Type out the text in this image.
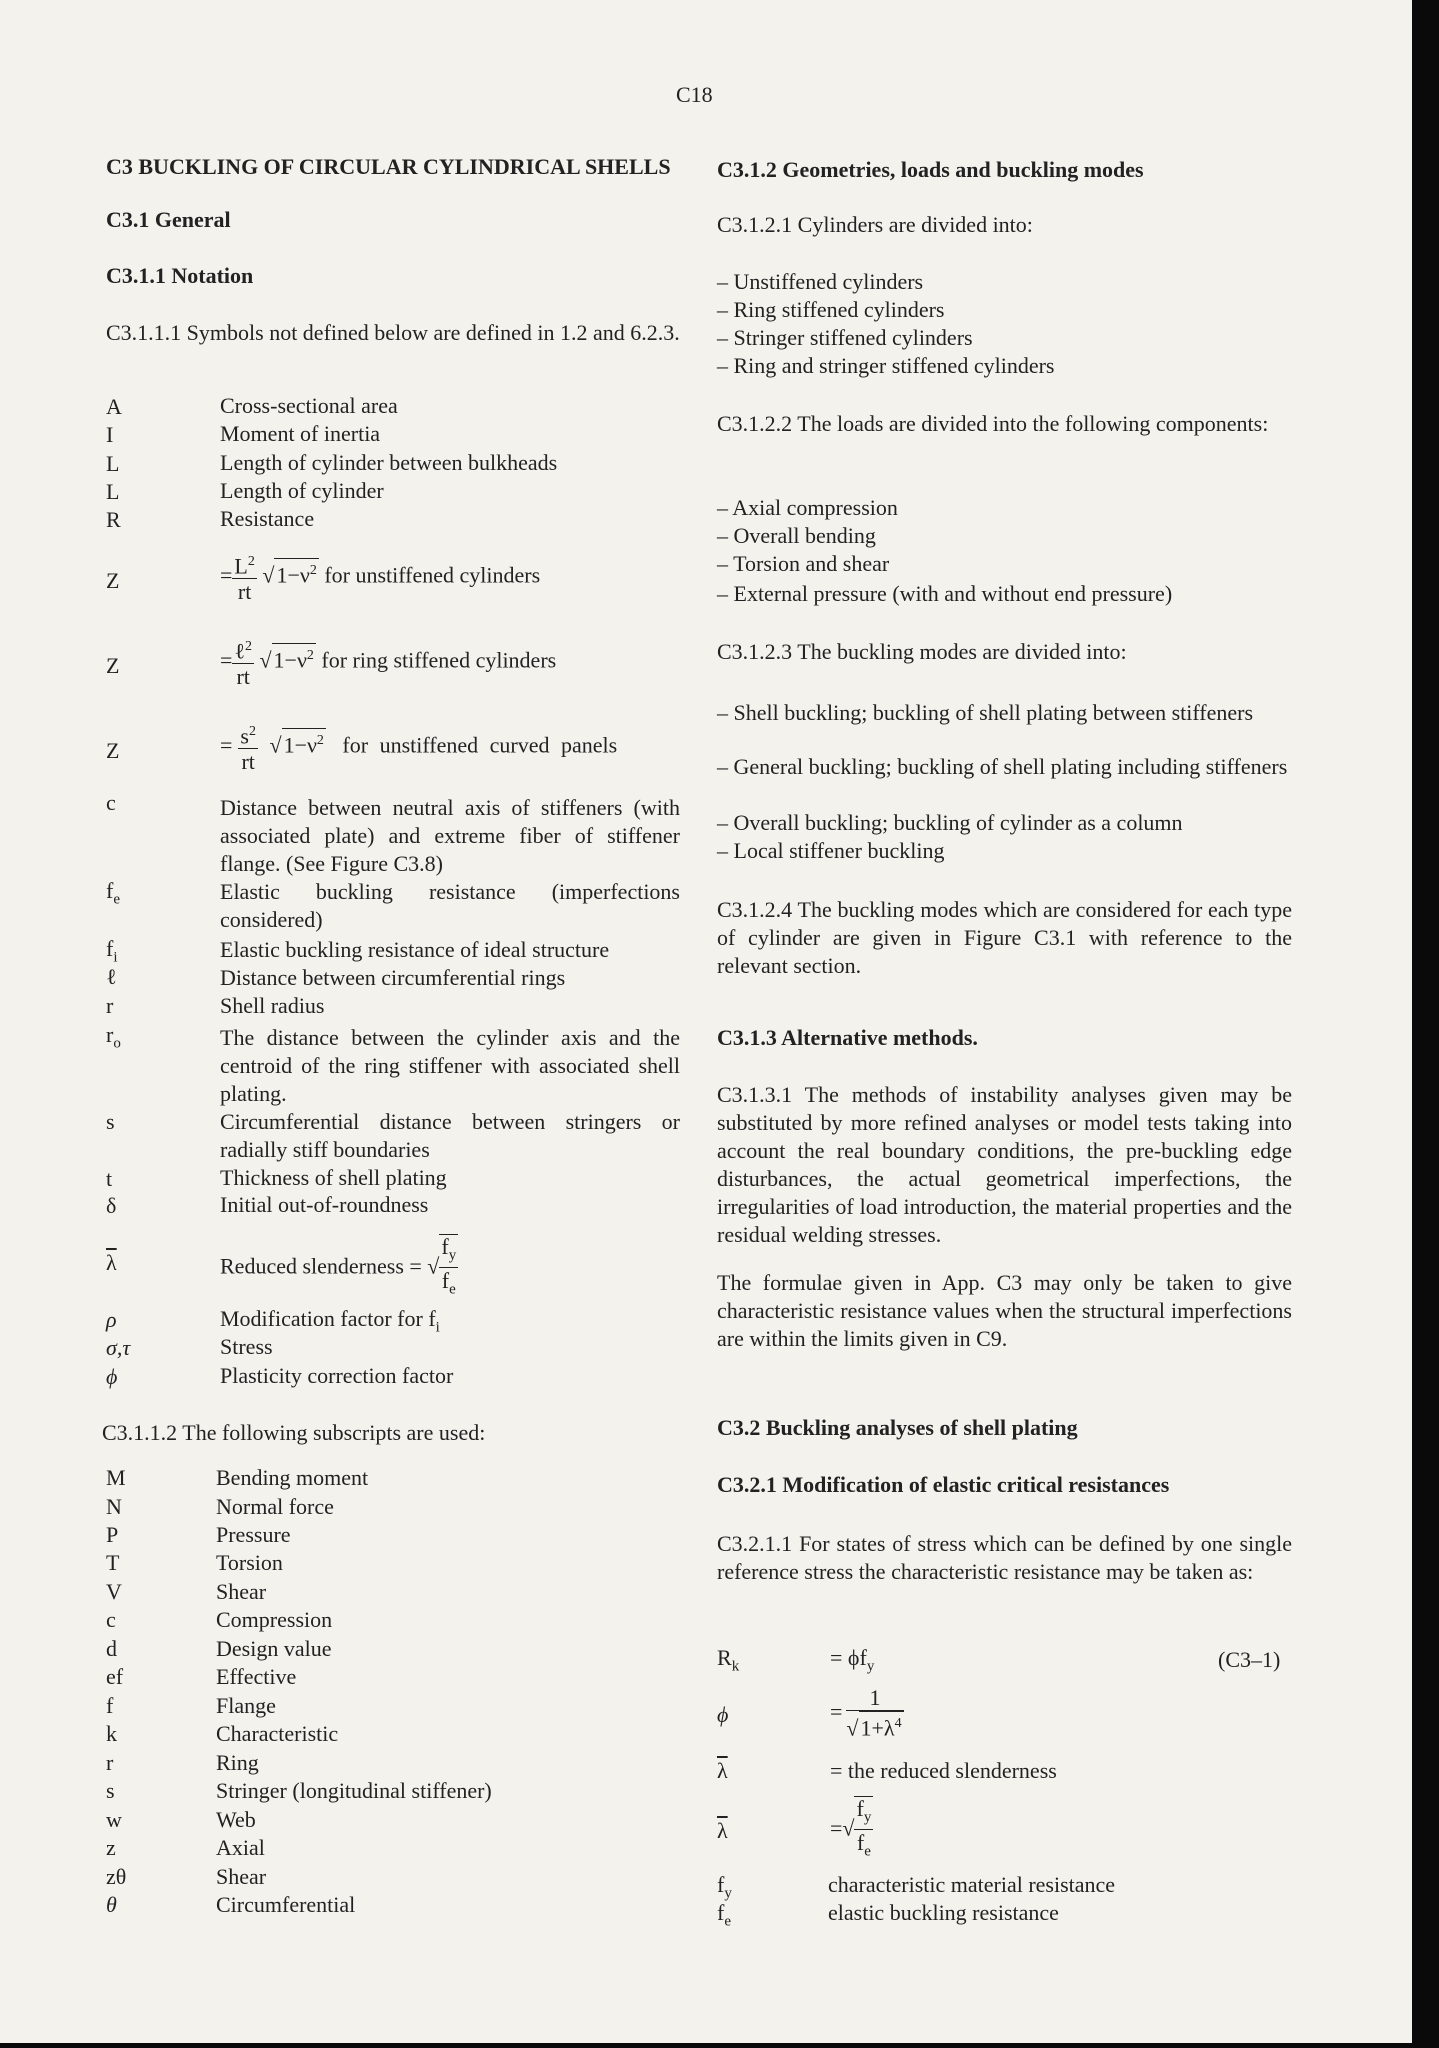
C18
C3 BUCKLING OF CIRCULAR CYLINDRICAL SHELLS
C3.1 General
C3.1.1 Notation
C3.1.1.1 Symbols not defined below are defined in 1.2 and 6.2.3.
A	Cross-sectional area
I	Moment of inertia
L	Length of cylinder between bulkheads
L	Length of cylinder
R	Resistance
Z	= $\frac{L^2}{rt} √1-\nu^2$ for unstiffened cylinders
Z	= $\frac{\ell^2}{rt} √1-\nu^2$ for ring stiffened cylinders
Z	= $\frac{s^2}{rt} √1-\nu^2$ for unstiffened curved panels
c	Distance between neutral axis of stiffeners (with associated plate) and extreme fiber of stiffener flange. (See Figure C3.8)
$f_e$	Elastic buckling resistance (imperfections considered)
$f_i$	Elastic buckling resistance of ideal structure
ℓ	Distance between circumferential rings
r	Shell radius
$r_o$	The distance between the cylinder axis and the centroid of the ring stiffener with associated shell plating.
s	Circumferential distance between stringers or radially stiff boundaries
t	Thickness of shell plating
δ	Initial out-of-roundness
$\overline{\lambda}$	Reduced slenderness = √ $\frac{f_y}{f_e}$
ρ	Modification factor for $f_i$
σ,τ	Stress
ϕ	Plasticity correction factor
C3.1.1.2 The following subscripts are used:
M	Bending moment
N	Normal force
P	Pressure
T	Torsion
V	Shear
c	Compression
d	Design value
ef	Effective
f	Flange
k	Characteristic
r	Ring
s	Stringer (longitudinal stiffener)
w	Web
z	Axial
zθ	Shear
θ	Circumferential
C3.1.2 Geometries, loads and buckling modes
C3.1.2.1 Cylinders are divided into:
– Unstiffened cylinders
– Ring stiffened cylinders
– Stringer stiffened cylinders
– Ring and stringer stiffened cylinders
C3.1.2.2 The loads are divided into the following components:
– Axial compression
– Overall bending
– Torsion and shear
– External pressure (with and without end pressure)
C3.1.2.3 The buckling modes are divided into:
– Shell buckling; buckling of shell plating between stiffeners
– General buckling; buckling of shell plating including stiffeners
– Overall buckling; buckling of cylinder as a column
– Local stiffener buckling
C3.1.2.4 The buckling modes which are considered for each type of cylinder are given in Figure C3.1 with reference to the relevant section.
C3.1.3 Alternative methods.
C3.1.3.1 The methods of instability analyses given may be substituted by more refined analyses or model tests taking into account the real boundary conditions, the pre-buckling edge disturbances, the actual geometrical imperfections, the irregularities of load introduction, the material properties and the residual welding stresses.
The formulae given in App. C3 may only be taken to give characteristic resistance values when the structural imperfections are within the limits given in C9.
C3.2 Buckling analyses of shell plating
C3.2.1 Modification of elastic critical resistances
C3.2.1.1 For states of stress which can be defined by one single reference stress the characteristic resistance may be taken as:
$R_k$	= $\phi f_y$	(C3–1)
ϕ	= $\frac{1}{√1+\lambda^4}$
$\overline{\lambda}$	= the reduced slenderness
$\overline{\lambda}$	=√ $\frac{f_y}{f_e}$
$f_y$	characteristic material resistance
$f_e$	elastic buckling resistance
